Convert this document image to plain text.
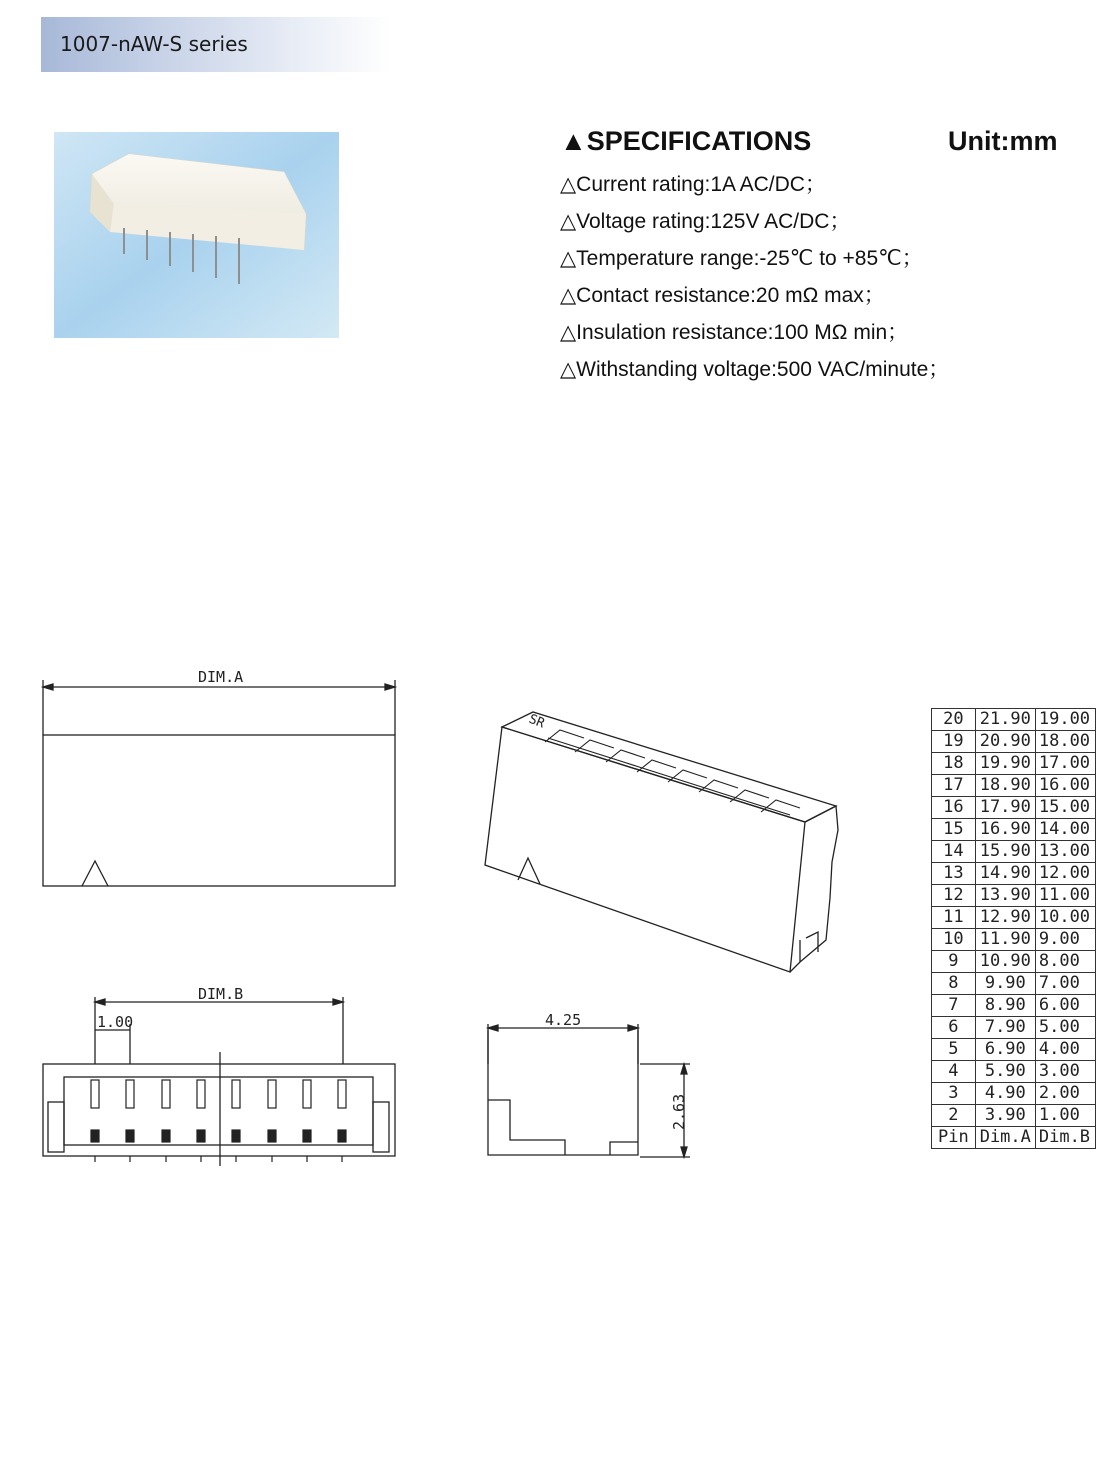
1007-nAW-S series
▲SPECIFICATIONS	Unit:mm
△Current rating:1A AC/DC；
△Voltage rating:125V AC/DC；
△Temperature range:-25℃ to +85℃；
△Contact resistance:20 mΩ max；
△Insulation resistance:100 MΩ min；
△Withstanding voltage:500 VAC/minute；
DIM.A
DIM.B
1.00	4.25
2.63
SR	20	21.90	19.00
19	20.90	18.00
18	19.90	17.00
17	18.90	16.00
16	17.90	15.00
15	16.90	14.00
14	15.90	13.00
13	14.90	12.00
12	13.90	11.00
11	12.90	10.00
10	11.90	9.00
9	10.90	8.00
8	9.90	7.00
7	8.90	6.00
6	7.90	5.00
5	6.90	4.00
4	5.90	3.00
3	4.90	2.00
2	3.90	1.00
Pin	Dim.A	Dim.B
